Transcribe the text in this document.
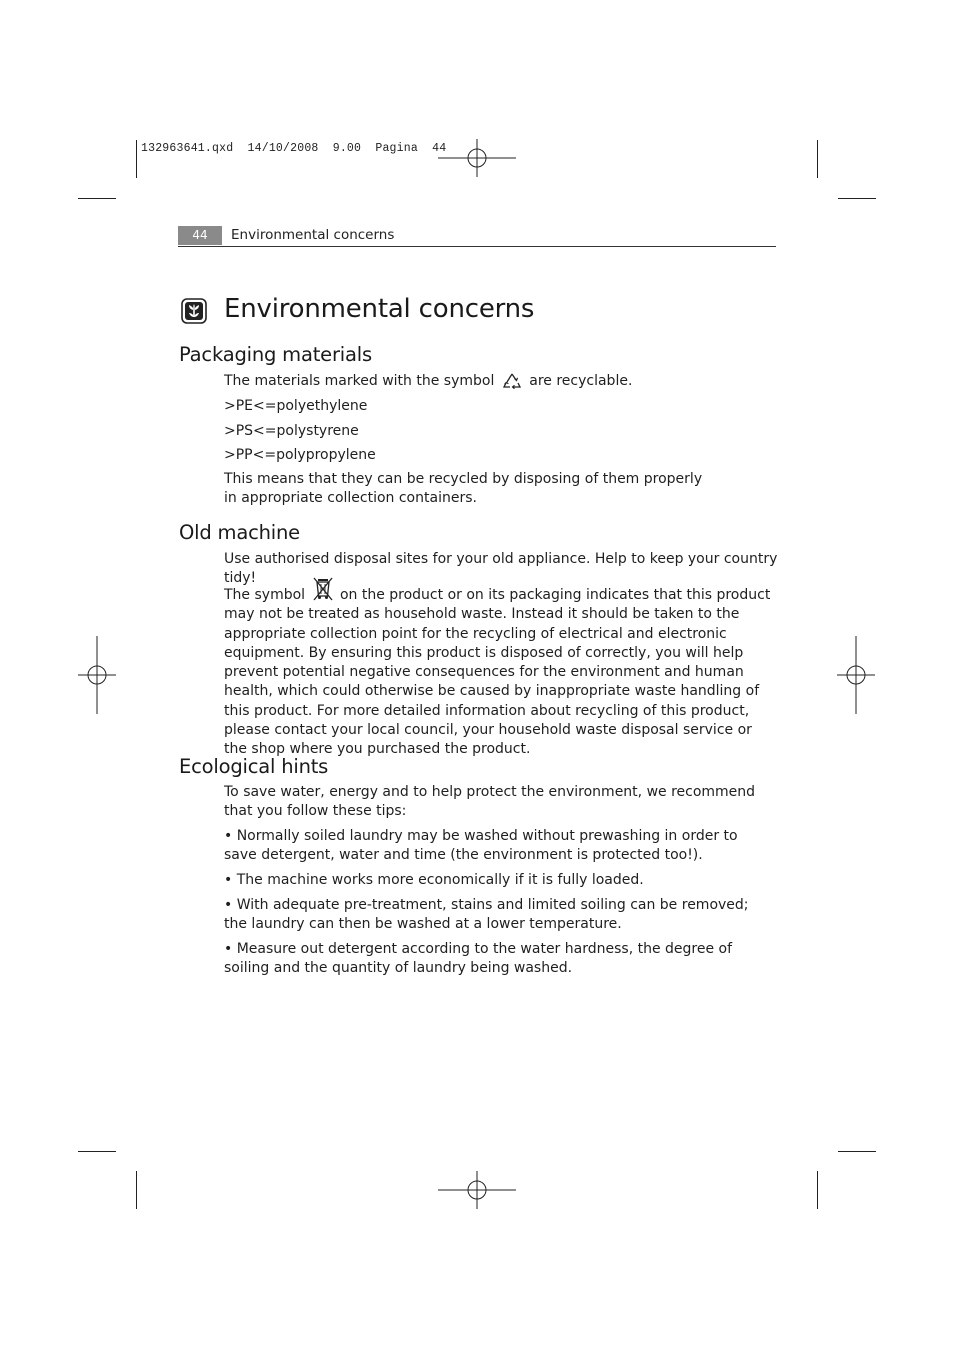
132963641.qxd  14/10/2008  9.00  Pagina  44
44	Environmental concerns
Environmental concerns
Packaging materials
The materials marked with the symbol are recyclable.
>PE<=polyethylene
>PS<=polystyrene
>PP<=polypropylene
This means that they can be recycled by disposing of them properly in appropriate collection containers.
Old machine
Use authorised disposal sites for your old appliance. Help to keep your country tidy!
The symbol on the product or on its packaging indicates that this product may not be treated as household waste. Instead it should be taken to the appropriate collection point for the recycling of electrical and electronic equipment. By ensuring this product is disposed of correctly, you will help prevent potential negative consequences for the environment and human health, which could otherwise be caused by inappropriate waste handling of this product. For more detailed information about recycling of this product, please contact your local council, your household waste disposal service or the shop where you purchased the product.
Ecological hints
To save water, energy and to help protect the environment, we recommend that you follow these tips:
• Normally soiled laundry may be washed without prewashing in order to save detergent, water and time (the environment is protected too!).
• The machine works more economically if it is fully loaded.
• With adequate pre-treatment, stains and limited soiling can be removed; the laundry can then be washed at a lower temperature.
• Measure out detergent according to the water hardness, the degree of soiling and the quantity of laundry being washed.
